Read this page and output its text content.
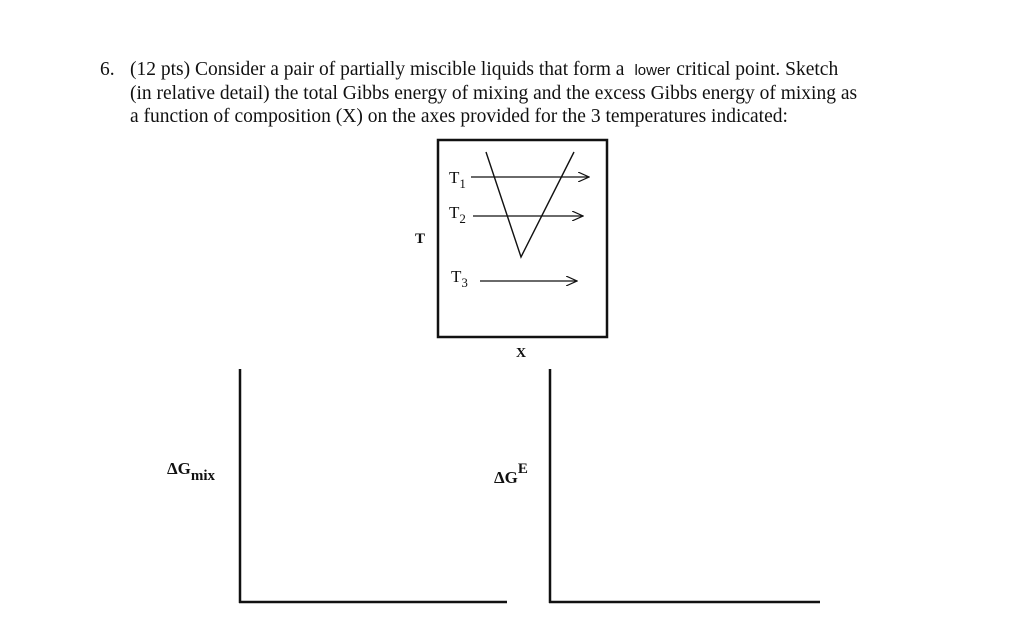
6. (12 pts) Consider a pair of partially miscible liquids that form a lower critical point. Sketch
(in relative detail) the total Gibbs energy of mixing and the excess Gibbs energy of mixing as
a function of composition (X) on the axes provided for the 3 temperatures indicated:
$T_1$
$T_2$
$T_3$
T
X
ΔGmix	ΔGE
